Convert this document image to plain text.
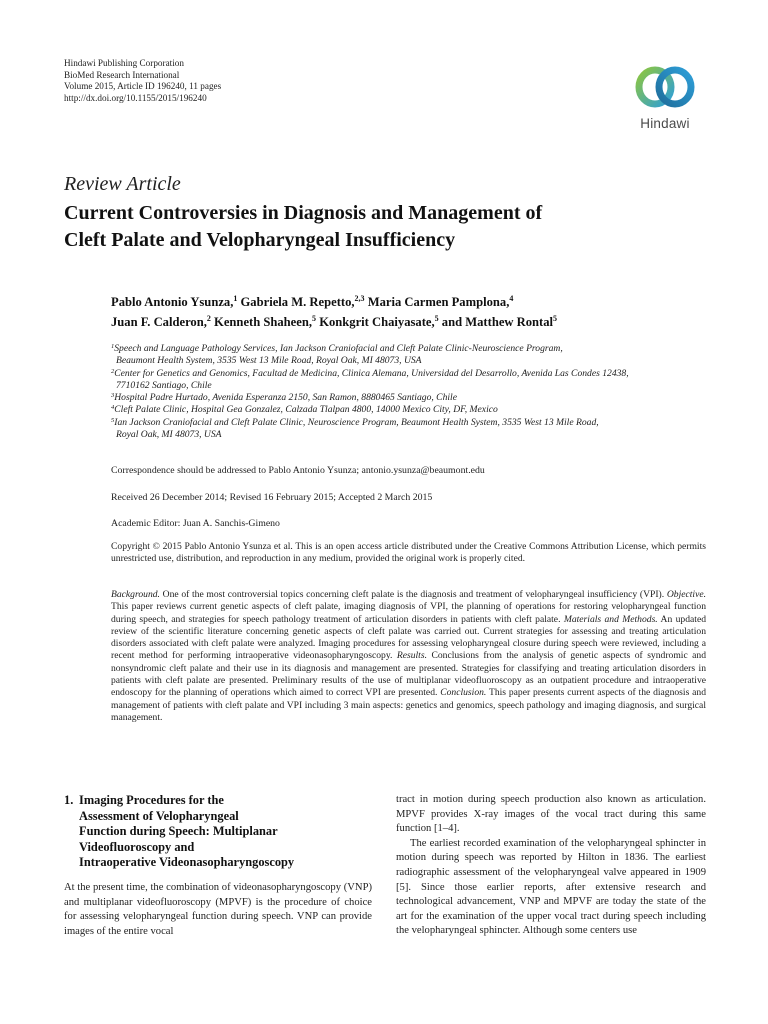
Hindawi Publishing Corporation
BioMed Research International
Volume 2015, Article ID 196240, 11 pages
http://dx.doi.org/10.1155/2015/196240
Hindawi
Review Article
Current Controversies in Diagnosis and Management of
Cleft Palate and Velopharyngeal Insufficiency
Pablo Antonio Ysunza,$^1$ Gabriela M. Repetto,$^{2,3}$ Maria Carmen Pamplona,$^4$
Juan F. Calderon,$^2$ Kenneth Shaheen,$^5$ Konkgrit Chaiyasate,$^5$ and Matthew Rontal$^5$
$^1$Speech and Language Pathology Services, Ian Jackson Craniofacial and Cleft Palate Clinic-Neuroscience Program,
Beaumont Health System, 3535 West 13 Mile Road, Royal Oak, MI 48073, USA
$^2$Center for Genetics and Genomics, Facultad de Medicina, Clinica Alemana, Universidad del Desarrollo, Avenida Las Condes 12438,
7710162 Santiago, Chile
$^3$Hospital Padre Hurtado, Avenida Esperanza 2150, San Ramon, 8880465 Santiago, Chile
$^4$Cleft Palate Clinic, Hospital Gea Gonzalez, Calzada Tlalpan 4800, 14000 Mexico City, DF, Mexico
$^5$Ian Jackson Craniofacial and Cleft Palate Clinic, Neuroscience Program, Beaumont Health System, 3535 West 13 Mile Road,
Royal Oak, MI 48073, USA
Correspondence should be addressed to Pablo Antonio Ysunza; antonio.ysunza@beaumont.edu
Received 26 December 2014; Revised 16 February 2015; Accepted 2 March 2015
Academic Editor: Juan A. Sanchis-Gimeno
Copyright © 2015 Pablo Antonio Ysunza et al. This is an open access article distributed under the Creative Commons Attribution License, which permits unrestricted use, distribution, and reproduction in any medium, provided the original work is properly cited.
Background. One of the most controversial topics concerning cleft palate is the diagnosis and treatment of velopharyngeal insufficiency (VPI). Objective. This paper reviews current genetic aspects of cleft palate, imaging diagnosis of VPI, the planning of operations for restoring velopharyngeal function during speech, and strategies for speech pathology treatment of articulation disorders in patients with cleft palate. Materials and Methods. An updated review of the scientific literature concerning genetic aspects of cleft palate was carried out. Current strategies for assessing and treating articulation disorders associated with cleft palate were analyzed. Imaging procedures for assessing velopharyngeal closure during speech were reviewed, including a recent method for performing intraoperative videonasopharyngoscopy. Results. Conclusions from the analysis of genetic aspects of syndromic and nonsyndromic cleft palate and their use in its diagnosis and management are presented. Strategies for classifying and treating articulation disorders in patients with cleft palate are presented. Preliminary results of the use of multiplanar videofluoroscopy as an outpatient procedure and intraoperative endoscopy for the planning of operations which aimed to correct VPI are presented. Conclusion. This paper presents current aspects of the diagnosis and management of patients with cleft palate and VPI including 3 main aspects: genetics and genomics, speech pathology and imaging diagnosis, and surgical management.
1. Imaging Procedures for the
Assessment of Velopharyngeal
Function during Speech: Multiplanar
Videofluoroscopy and
Intraoperative Videonasopharyngoscopy

At the present time, the combination of videonasopharyngoscopy (VNP) and multiplanar videofluoroscopy (MPVF) is the procedure of choice for assessing velopharyngeal function during speech. VNP can provide images of the entire vocal

tract in motion during speech production also known as articulation. MPVF provides X-ray images of the vocal tract during this same function [1–4].

The earliest recorded examination of the velopharyngeal sphincter in motion during speech was reported by Hilton in 1836. The earliest radiographic assessment of the velopharyngeal valve appeared in 1909 [5]. Since those earlier reports, after extensive research and technological advancement, VNP and MPVF are today the state of the art for the examination of the upper vocal tract during speech including the velopharyngeal sphincter. Although some centers use
